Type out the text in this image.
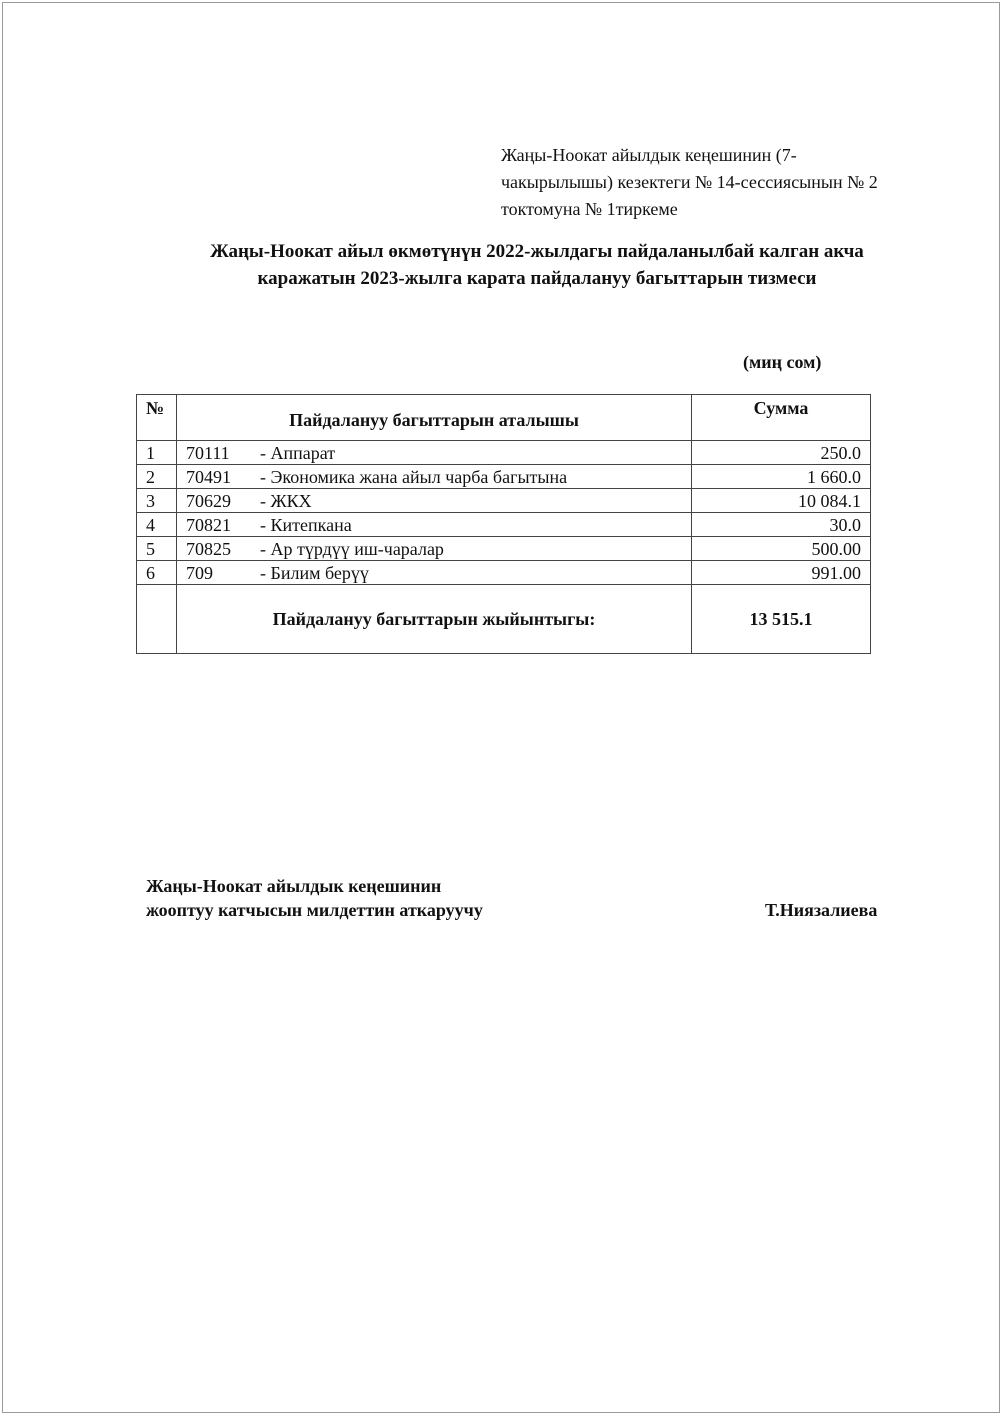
Жаңы-Ноокат айылдык кеңешинин (7-
чакырылышы) кезектеги № 14-сессиясынын № 2
токтомуна № 1тиркеме
Жаңы-Ноокат айыл өкмөтүнүн 2022-жылдагы пайдаланылбай калган акча
каражатын 2023-жылга карата пайдалануу багыттарын тизмеси
(миң сом)
№	Пайдалануу багыттарын аталышы	Сумма
1	70111 - Аппарат	250.0
2	70491 - Экономика жана айыл чарба багытына	1 660.0
3	70629 - ЖКХ	10 084.1
4	70821 - Китепкана	30.0
5	70825 - Ар түрдүү иш-чаралар	500.00
6	709 - Билим берүү	991.00
	Пайдалануу багыттарын жыйынтыгы:	13 515.1
Жаңы-Ноокат айылдык кеңешинин
жооптуу катчысын милдеттин аткаруучу	Т.Ниязалиева
